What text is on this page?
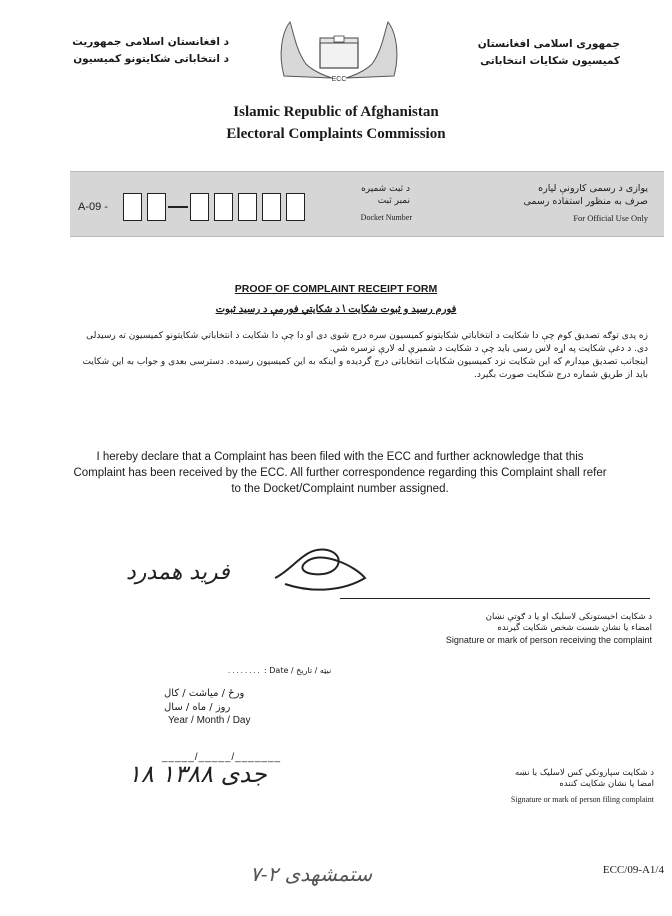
د افغانستان اسلامی جمهوریت
د انتخاباتی شکایتونو کمیسیون
ECC
جمهوری اسلامی افغانستان
کمیسیون شکایات انتخاباتی
Islamic Republic of Afghanistan
Electoral Complaints Commission
A-09 -
د ثبت شمیره
نمبر ثبت
Docket Number
یوازی د رسمی کارونې لپاره
صرف به منظور استفاده رسمی
For Official Use Only
PROOF OF COMPLAINT RECEIPT FORM
فورم رسید و ثبوت شکایت \ د شکایتي فورمې د رسید ثبوت
زه پدی توګه تصدیق کوم چې دا شکایت د انتخاباتي شکایتونو کمیسیون سره درج شوی دی او دا چې دا شکایت د انتخاباتي شکایتونو کمیسیون ته رسیدلی دی. د دغې شکایت په اړه لاس رسی باید چې د شکایت د شمیرې له لارې ترسره شي.
اینجانب تصدیق میدارم که این شکایت نزد کمیسیون شکایات انتخاباتی درج گردیده و اینکه به این کمیسیون رسیده. دسترسی بعدی و جواب به این شکایت باید از طریق شماره درج شکایت صورت بگیرد.
I hereby declare that a Complaint has been filed with the ECC and further acknowledge that this Complaint has been received by the ECC. All further correspondence regarding this Complaint shall refer to the Docket/Complaint number assigned.
فرید همدرد
د شکایت اخیستونکی لاسلیک او یا د ګوتې نښان
امضاء یا نشان شست شخص شکایت گیرنده
Signature or mark of person receiving the complaint
........ : Date / نیټه / تاریخ
ورځ / میاشت / کال
روز / ماه / سال
Year / Month / Day
_____/_____/_______
۱۸ جدی ۱۳۸۸	د شکایت سپارونکي کس لاسلیک یا نښه
امضا یا نشان شکایت کننده
Signature or mark of person filing complaint
ستمشهدی ۲-۷	ECC/09-A1/4
